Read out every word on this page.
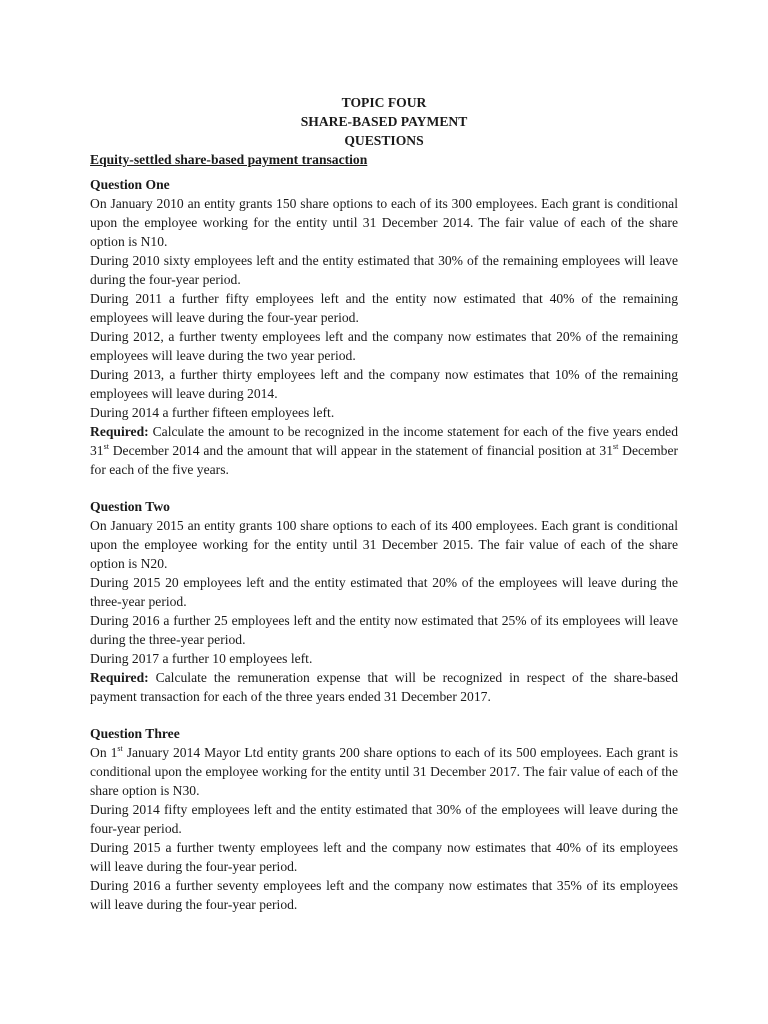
TOPIC FOUR
SHARE-BASED PAYMENT
QUESTIONS
Equity-settled share-based payment transaction
Question One

On January 2010 an entity grants 150 share options to each of its 300 employees. Each grant is conditional upon the employee working for the entity until 31 December 2014. The fair value of each of the share option is N10.

During 2010 sixty employees left and the entity estimated that 30% of the remaining employees will leave during the four-year period.

During 2011 a further fifty employees left and the entity now estimated that 40% of the remaining employees will leave during the four-year period.

During 2012, a further twenty employees left and the company now estimates that 20% of the remaining employees will leave during the two year period.

During 2013, a further thirty employees left and the company now estimates that 10% of the remaining employees will leave during 2014.

During 2014 a further fifteen employees left.

Required: Calculate the amount to be recognized in the income statement for each of the five years ended 31st December 2014 and the amount that will appear in the statement of financial position at 31st December for each of the five years.

Question Two

On January 2015 an entity grants 100 share options to each of its 400 employees. Each grant is conditional upon the employee working for the entity until 31 December 2015. The fair value of each of the share option is N20.

During 2015 20 employees left and the entity estimated that 20% of the employees will leave during the three-year period.

During 2016 a further 25 employees left and the entity now estimated that 25% of its employees will leave during the three-year period.

During 2017 a further 10 employees left.

Required: Calculate the remuneration expense that will be recognized in respect of the share-based payment transaction for each of the three years ended 31 December 2017.

Question Three

On 1st January 2014 Mayor Ltd entity grants 200 share options to each of its 500 employees. Each grant is conditional upon the employee working for the entity until 31 December 2017. The fair value of each of the share option is N30.

During 2014 fifty employees left and the entity estimated that 30% of the employees will leave during the four-year period.

During 2015 a further twenty employees left and the company now estimates that 40% of its employees will leave during the four-year period.

During 2016 a further seventy employees left and the company now estimates that 35% of its employees will leave during the four-year period.
